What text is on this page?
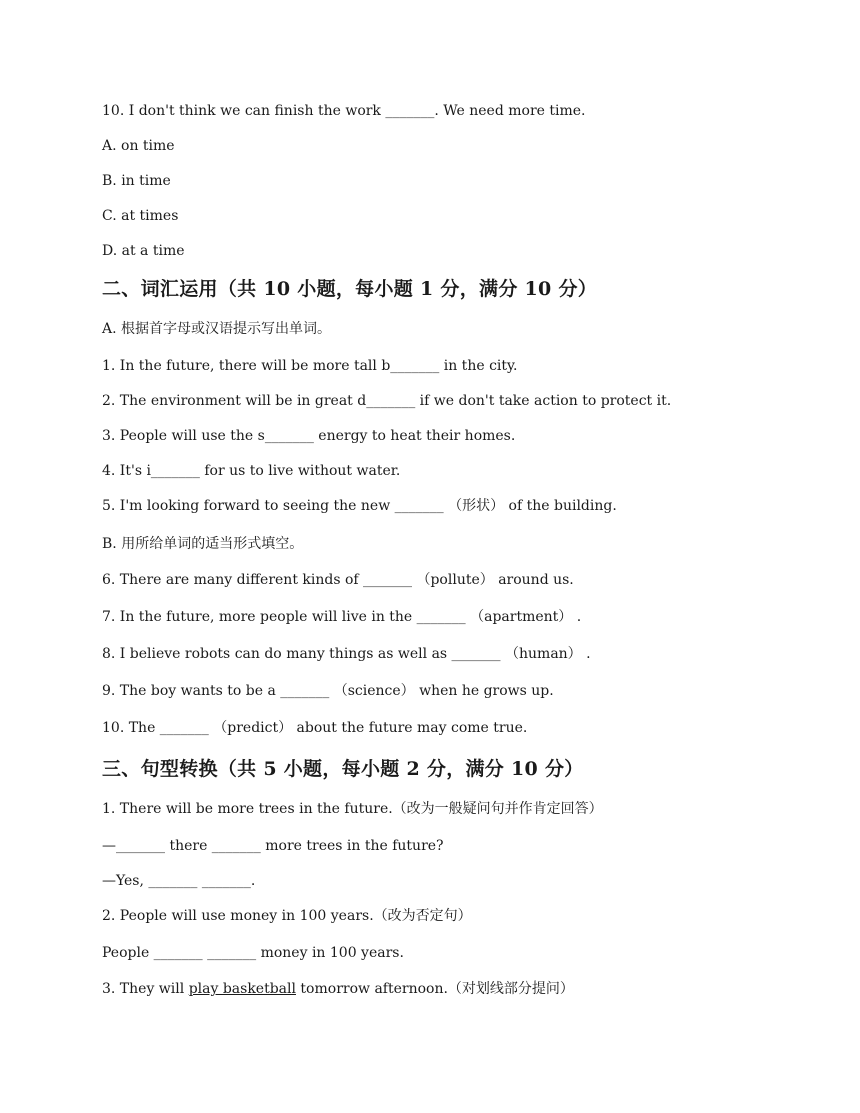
10. I don't think we can finish the work _______. We need more time.
A. on time
B. in time
C. at times
D. at a time
二、词汇运用（共 10 小题，每小题 1 分，满分 10 分）
A. 根据首字母或汉语提示写出单词。
1. In the future, there will be more tall b_______ in the city.
2. The environment will be in great d_______ if we don't take action to protect it.
3. People will use the s_______ energy to heat their homes.
4. It's i_______ for us to live without water.
5. I'm looking forward to seeing the new _______ （形状） of the building.
B. 用所给单词的适当形式填空。
6. There are many different kinds of _______ （pollute） around us.
7. In the future, more people will live in the _______ （apartment） .
8. I believe robots can do many things as well as _______ （human） .
9. The boy wants to be a _______ （science） when he grows up.
10. The _______ （predict） about the future may come true.
三、句型转换（共 5 小题，每小题 2 分，满分 10 分）
1. There will be more trees in the future.（改为一般疑问句并作肯定回答）
—_______ there _______ more trees in the future?
—Yes, _______ _______.
2. People will use money in 100 years.（改为否定句）
People _______ _______ money in 100 years.
3. They will play basketball tomorrow afternoon.（对划线部分提问）
